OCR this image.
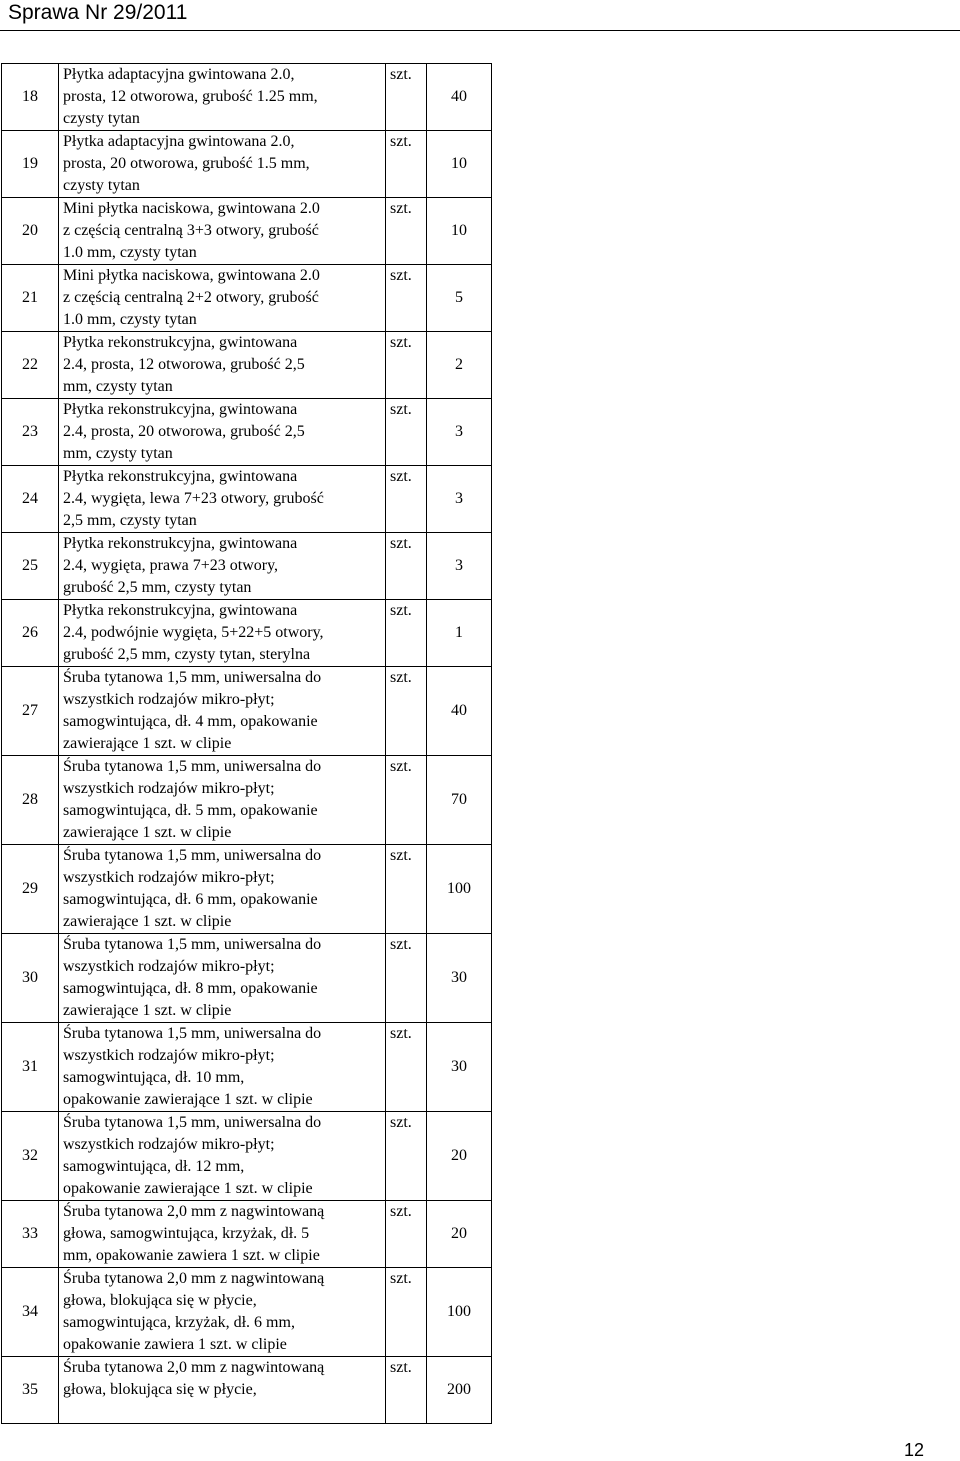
Sprawa Nr 29/2011
18	Płytka adaptacyjna gwintowana 2.0,
prosta, 12 otworowa, grubość 1.25 mm,
czysty tytan	szt.	40
19	Płytka adaptacyjna gwintowana 2.0,
prosta, 20 otworowa, grubość 1.5 mm,
czysty tytan	szt.	10
20	Mini płytka naciskowa, gwintowana 2.0
z częścią centralną 3+3 otwory, grubość
1.0 mm, czysty tytan	szt.	10
21	Mini płytka naciskowa, gwintowana 2.0
z częścią centralną 2+2 otwory, grubość
1.0 mm, czysty tytan	szt.	5
22	Płytka rekonstrukcyjna, gwintowana
2.4, prosta, 12 otworowa, grubość 2,5
mm, czysty tytan	szt.	2
23	Płytka rekonstrukcyjna, gwintowana
2.4, prosta, 20 otworowa, grubość 2,5
mm, czysty tytan	szt.	3
24	Płytka rekonstrukcyjna, gwintowana
2.4, wygięta, lewa 7+23 otwory, grubość
2,5 mm, czysty tytan	szt.	3
25	Płytka rekonstrukcyjna, gwintowana
2.4, wygięta, prawa 7+23 otwory,
grubość 2,5 mm, czysty tytan	szt.	3
26	Płytka rekonstrukcyjna, gwintowana
2.4, podwójnie wygięta, 5+22+5 otwory,
grubość 2,5 mm, czysty tytan, sterylna	szt.	1
27	Śruba tytanowa 1,5 mm, uniwersalna do
wszystkich rodzajów mikro-płyt;
samogwintująca, dł. 4 mm, opakowanie
zawierające 1 szt. w clipie	szt.	40
28	Śruba tytanowa 1,5 mm, uniwersalna do
wszystkich rodzajów mikro-płyt;
samogwintująca, dł. 5 mm, opakowanie
zawierające 1 szt. w clipie	szt.	70
29	Śruba tytanowa 1,5 mm, uniwersalna do
wszystkich rodzajów mikro-płyt;
samogwintująca, dł. 6 mm, opakowanie
zawierające 1 szt. w clipie	szt.	100
30	Śruba tytanowa 1,5 mm, uniwersalna do
wszystkich rodzajów mikro-płyt;
samogwintująca, dł. 8 mm, opakowanie
zawierające 1 szt. w clipie	szt.	30
31	Śruba tytanowa 1,5 mm, uniwersalna do
wszystkich rodzajów mikro-płyt;
samogwintująca, dł. 10 mm,
opakowanie zawierające 1 szt. w clipie	szt.	30
32	Śruba tytanowa 1,5 mm, uniwersalna do
wszystkich rodzajów mikro-płyt;
samogwintująca, dł. 12 mm,
opakowanie zawierające 1 szt. w clipie	szt.	20
33	Śruba tytanowa 2,0 mm z nagwintowaną
głowa, samogwintująca, krzyżak, dł. 5
mm, opakowanie zawiera 1 szt. w clipie	szt.	20
34	Śruba tytanowa 2,0 mm z nagwintowaną
głowa, blokująca się w płycie,
samogwintująca, krzyżak, dł. 6 mm,
opakowanie zawiera 1 szt. w clipie	szt.	100
35	Śruba tytanowa 2,0 mm z nagwintowaną
głowa, blokująca się w płycie,	szt.	200
12
